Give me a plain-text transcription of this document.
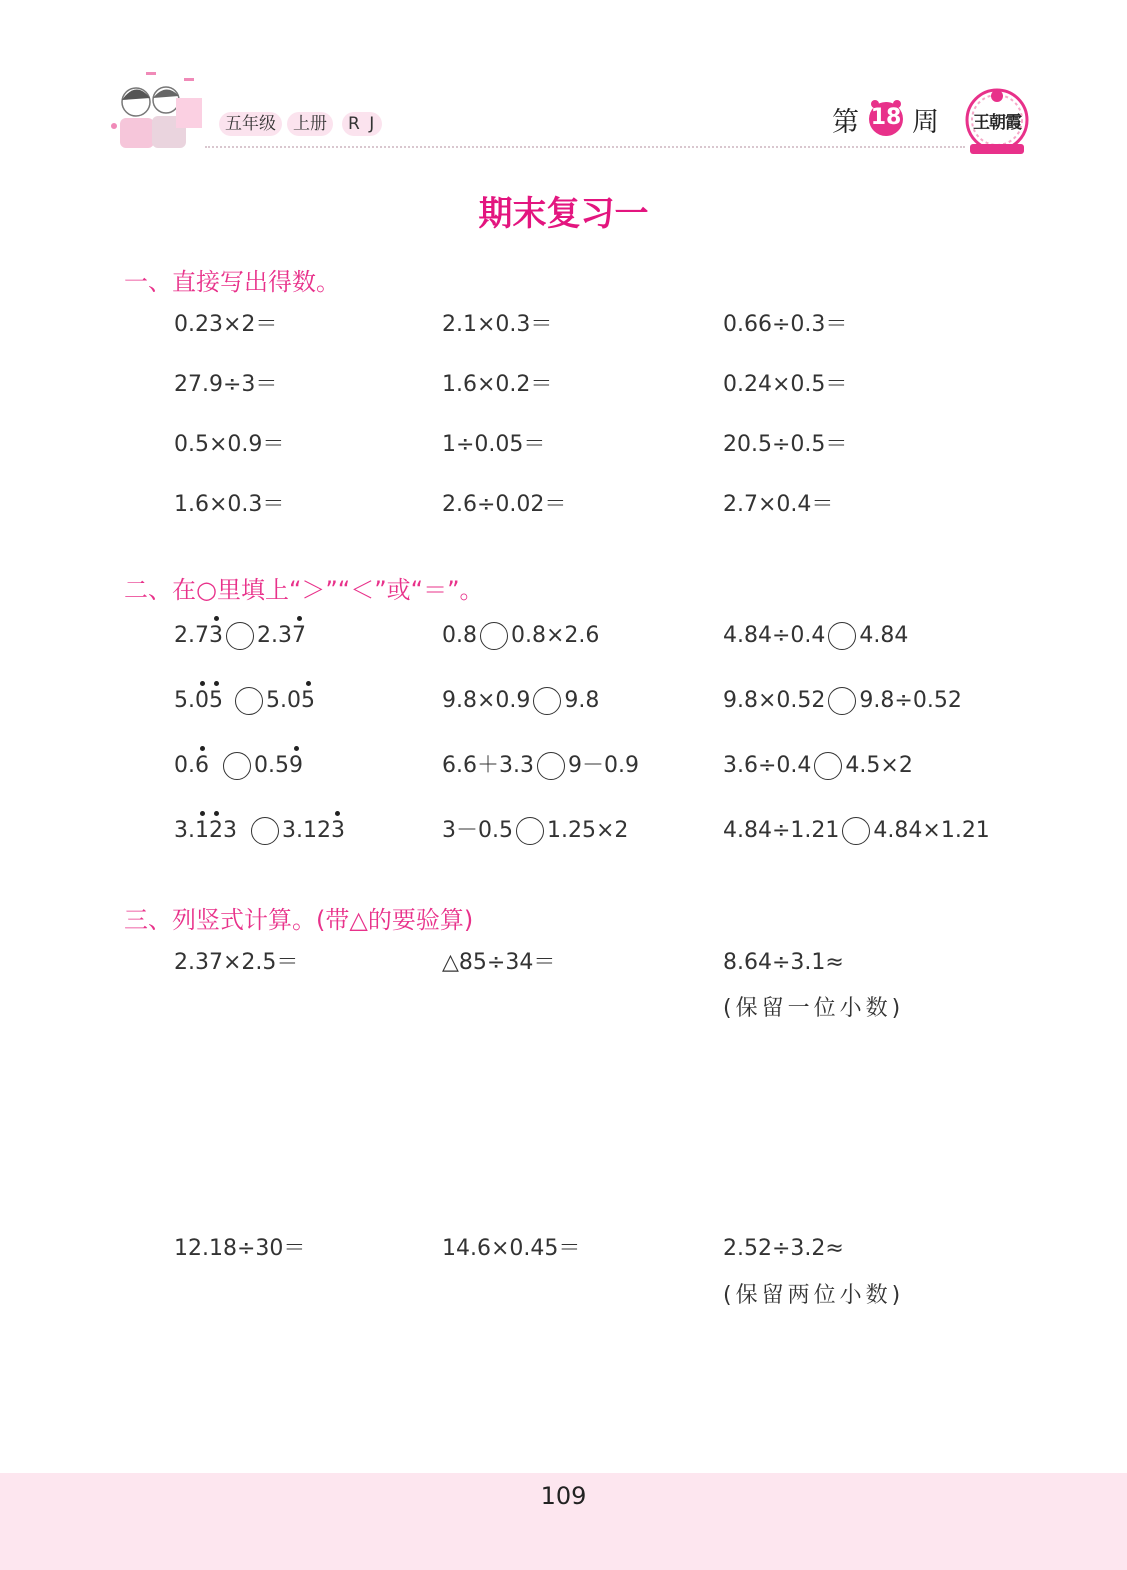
五年级	上册	R J	第 18 周	王朝霞
期末复习一
一、直接写出得数。
0.23×2＝	2.1×0.3＝	0.66÷0.3＝
27.9÷3＝	1.6×0.2＝	0.24×0.5＝
0.5×0.9＝	1÷0.05＝	20.5÷0.5＝
1.6×0.3＝	2.6÷0.02＝	2.7×0.4＝
二、在○里填上“＞”“＜”或“＝”。
2.73 2.37	0.8 0.8×2.6	4.84÷0.4 4.84
5.05 5.05	9.8×0.9 9.8	9.8×0.52 9.8÷0.52
0.6 0.59	6.6＋3.3 9－0.9	3.6÷0.4 4.5×2
3.123 3.123	3－0.5 1.25×2	4.84÷1.21 4.84×1.21
三、列竖式计算。(带△的要验算)
2.37×2.5＝	△85÷34＝	8.64÷3.1≈
(保留一位小数)
12.18÷30＝	14.6×0.45＝	2.52÷3.2≈
(保留两位小数)
109
